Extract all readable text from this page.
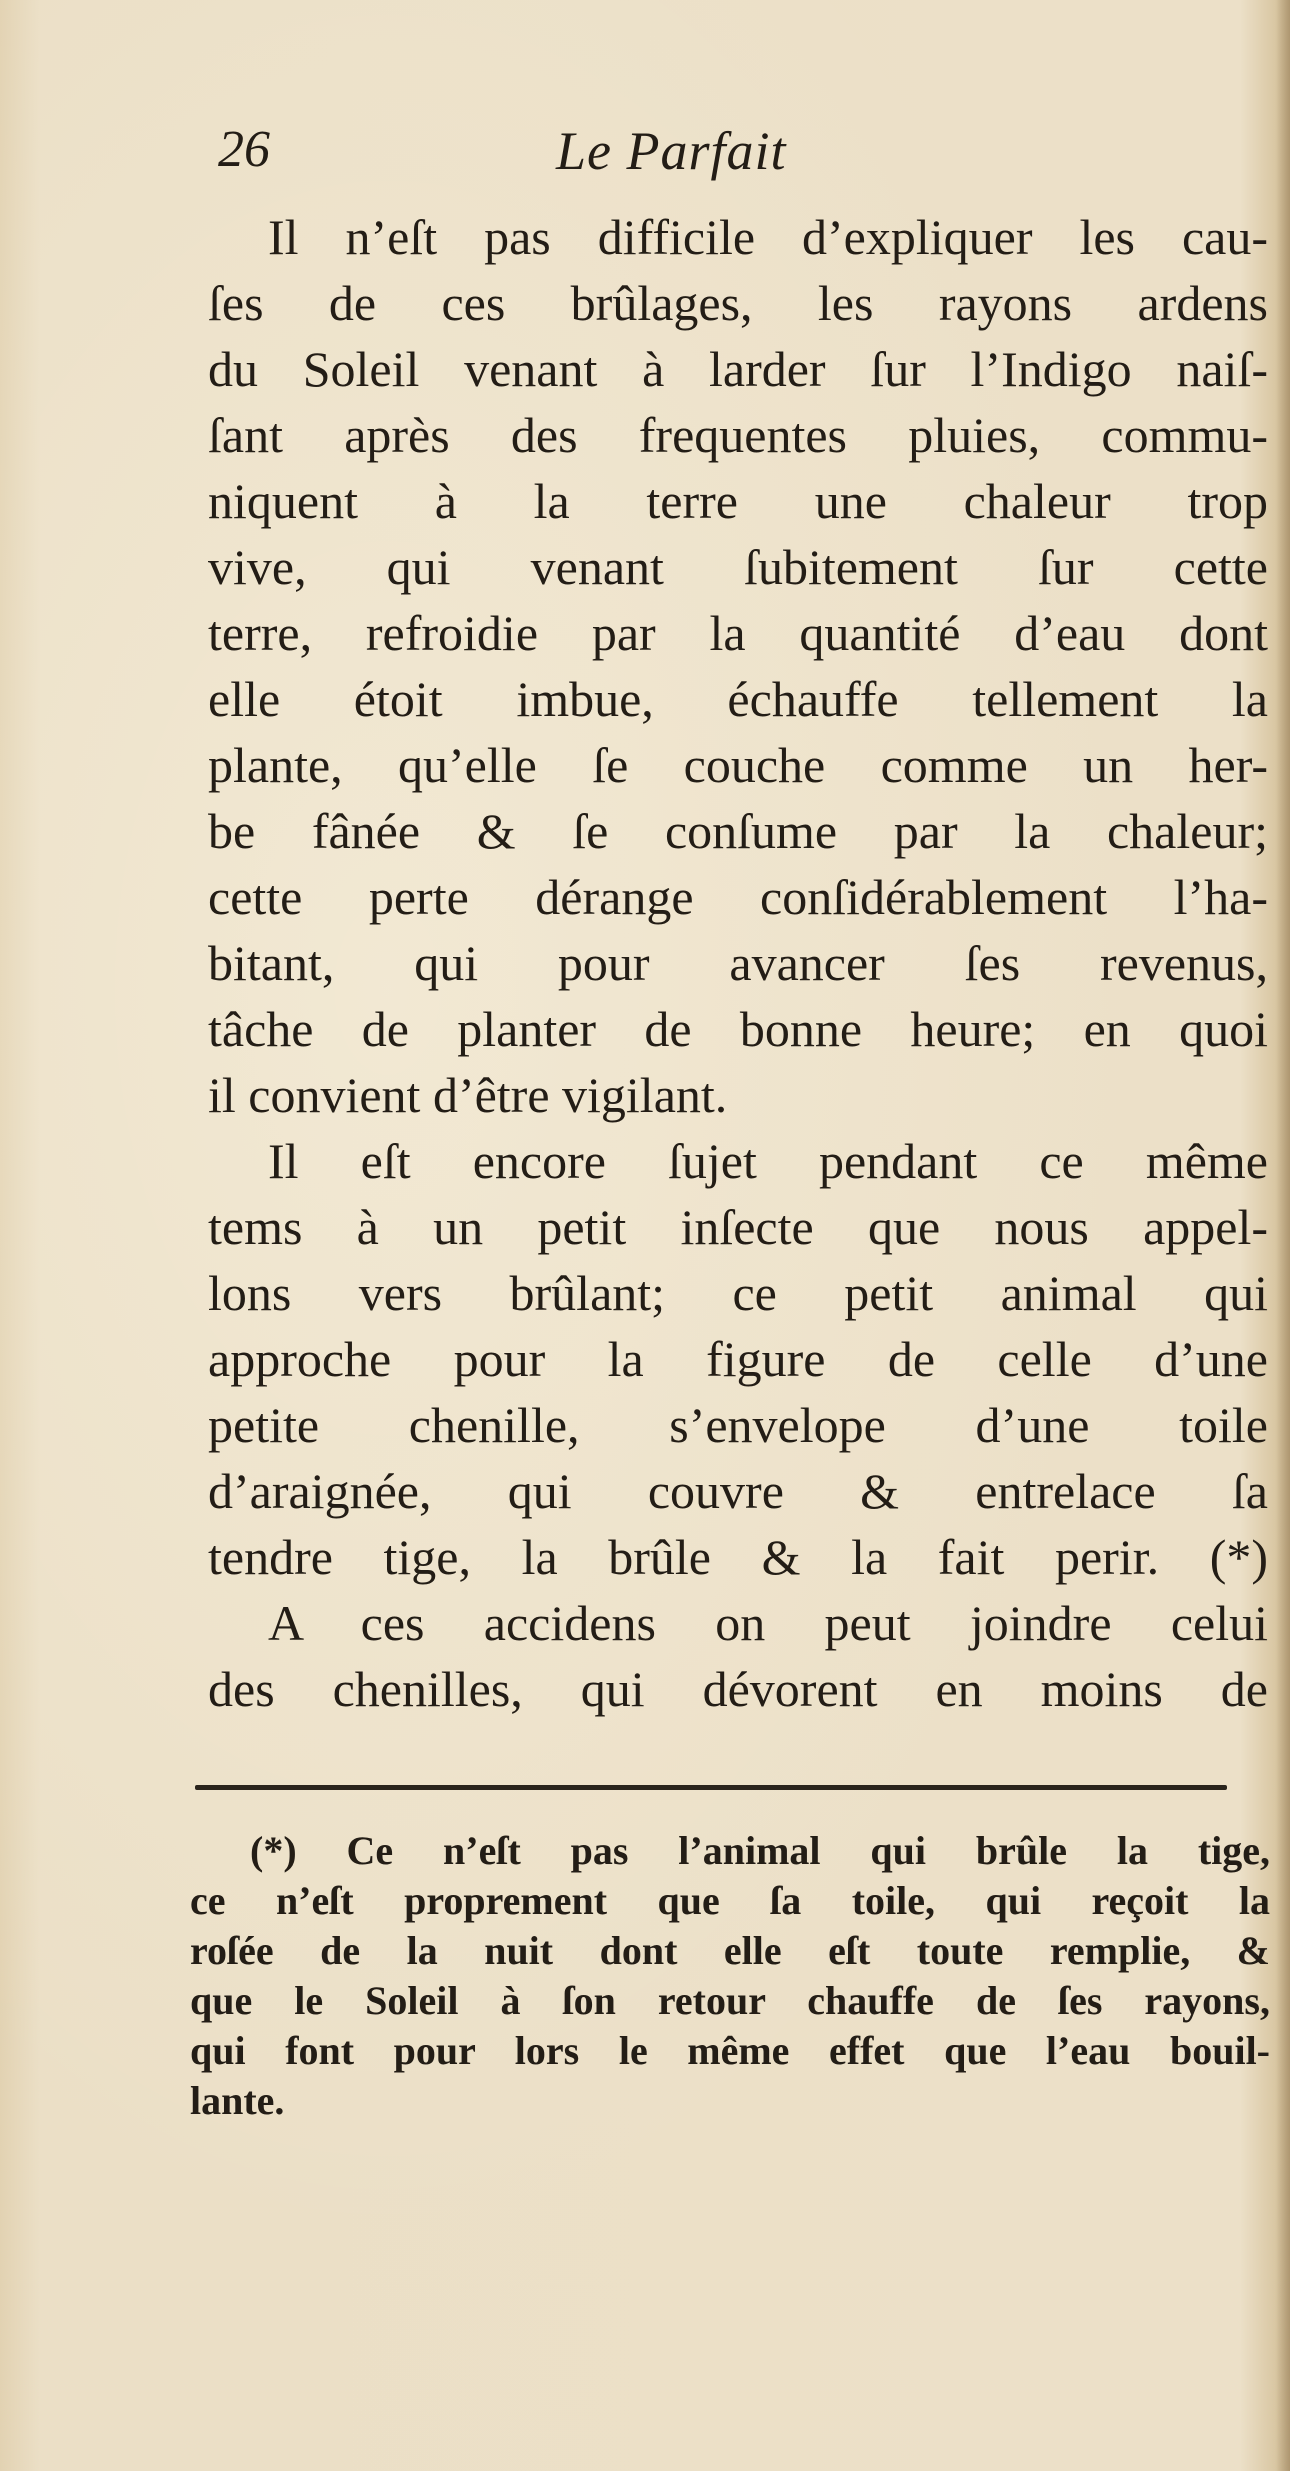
26	Le Parfait
Il n’eſt pas difficile d’expliquer les cau-
ſes de ces brûlages, les rayons ardens
du Soleil venant à larder ſur l’Indigo naiſ-
ſant après des frequentes pluies, commu-
niquent à la terre une chaleur trop
vive, qui venant ſubitement ſur cette
terre, refroidie par la quantité d’eau dont
elle étoit imbue, échauffe tellement la
plante, qu’elle ſe couche comme un her-
be fânée & ſe conſume par la chaleur;
cette perte dérange conſidérablement l’ha-
bitant, qui pour avancer ſes revenus,
tâche de planter de bonne heure; en quoi
il convient d’être vigilant.
Il eſt encore ſujet pendant ce même
tems à un petit inſecte que nous appel-
lons vers brûlant; ce petit animal qui
approche pour la figure de celle d’une
petite chenille, s’envelope d’une toile
d’araignée, qui couvre & entrelace ſa
tendre tige, la brûle & la fait perir. (*)
A ces accidens on peut joindre celui
des chenilles, qui dévorent en moins de
(*) Ce n’eſt pas l’animal qui brûle la tige,
ce n’eſt proprement que ſa toile, qui reçoit la
roſée de la nuit dont elle eſt toute remplie, &
que le Soleil à ſon retour chauffe de ſes rayons,
qui font pour lors le même effet que l’eau bouil-
lante.
